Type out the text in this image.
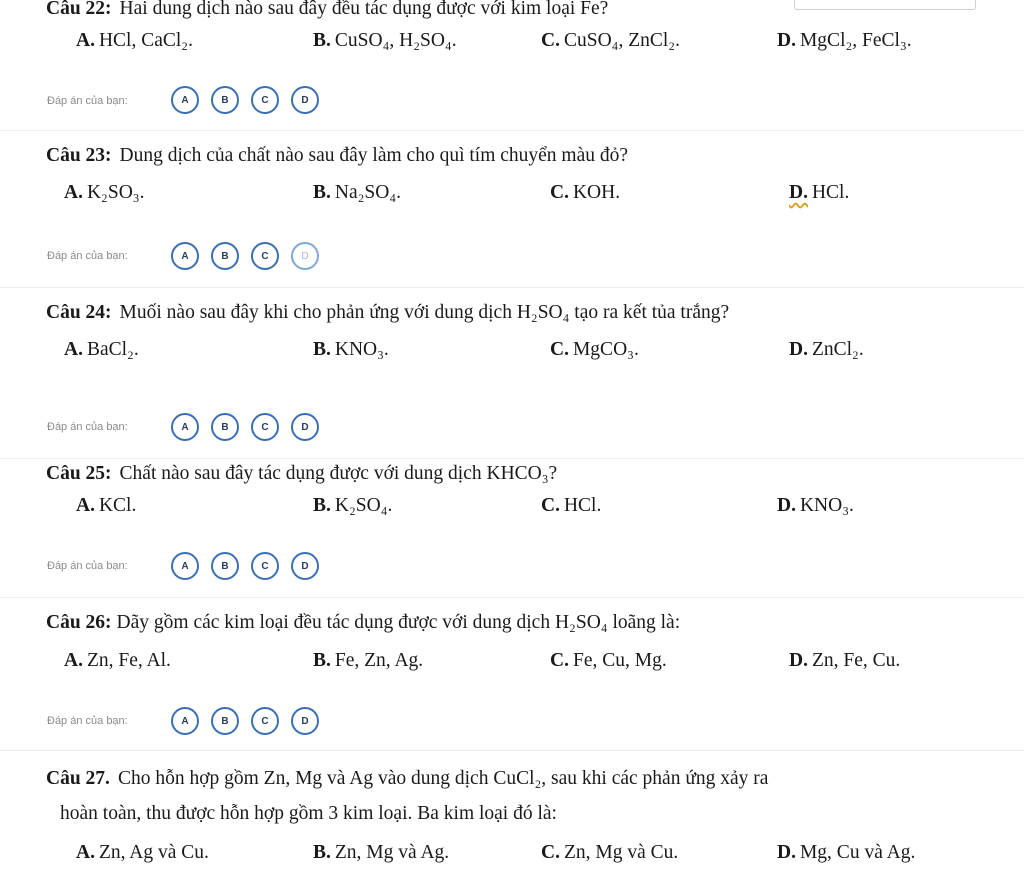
Câu 22: Hai dung dịch nào sau đây đều tác dụng được với kim loại Fe?
A. HCl, CaCl₂.	B. CuSO₄, H₂SO₄.	C. CuSO₄, ZnCl₂.	D. MgCl₂, FeCl₃.
Đáp án của bạn:	A	B	C	D
Câu 23: Dung dịch của chất nào sau đây làm cho quì tím chuyển màu đỏ?
A. K₂SO₃.	B. Na₂SO₄.	C. KOH.	D. HCl.
Đáp án của bạn:	A	B	C	D
Câu 24: Muối nào sau đây khi cho phản ứng với dung dịch H₂SO₄ tạo ra kết tủa trắng?
A. BaCl₂.	B. KNO₃.	C. MgCO₃.	D. ZnCl₂.
Đáp án của bạn:	A	B	C	D
Câu 25: Chất nào sau đây tác dụng được với dung dịch KHCO₃?
A. KCl.	B. K₂SO₄.	C. HCl.	D. KNO₃.
Đáp án của bạn:	A	B	C	D
Câu 26: Dãy gồm các kim loại đều tác dụng được với dung dịch H₂SO₄ loãng là:
A. Zn, Fe, Al.	B. Fe, Zn, Ag.	C. Fe, Cu, Mg.	D. Zn, Fe, Cu.
Đáp án của bạn:	A	B	C	D
Câu 27. Cho hỗn hợp gồm Zn, Mg và Ag vào dung dịch CuCl₂, sau khi các phản ứng xảy ra
hoàn toàn, thu được hỗn hợp gồm 3 kim loại. Ba kim loại đó là:
A. Zn, Ag và Cu.	B. Zn, Mg và Ag.	C. Zn, Mg và Cu.	D. Mg, Cu và Ag.
